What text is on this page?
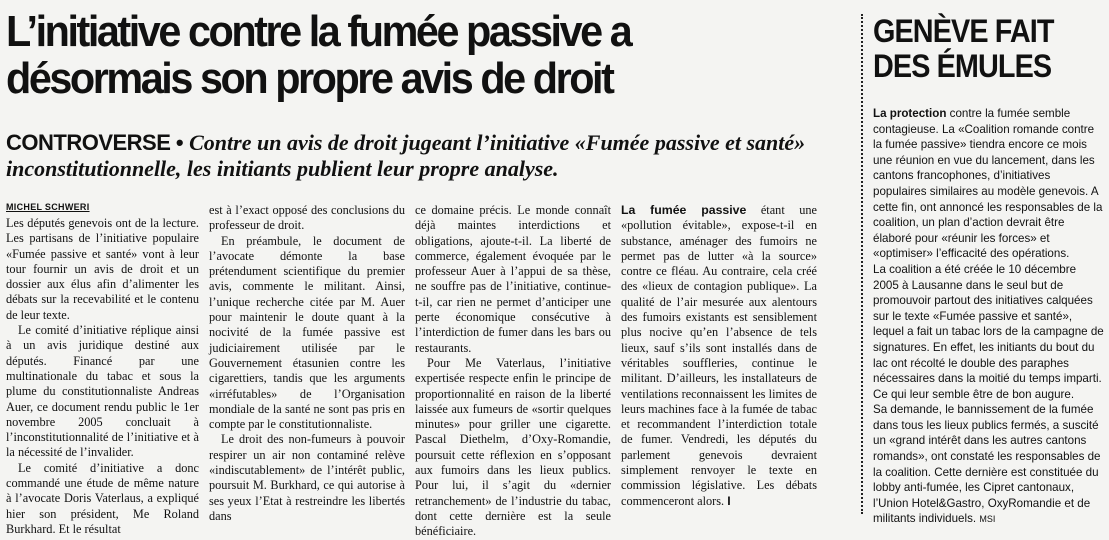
L’initiative contre la fumée passive a désormais son propre avis de droit

CONTROVERSE • Contre un avis de droit jugeant l’initiative «Fumée passive et santé» inconstitutionnelle, les initiants publient leur propre analyse.

MICHEL SCHWERI

Les députés genevois ont de la lecture. Les partisans de l’initiative populaire «Fumée passive et santé» vont à leur tour fournir un avis de droit et un dossier aux élus afin d’alimenter les débats sur la recevabilité et le contenu de leur texte.

Le comité d’initiative réplique ainsi à un avis juridique destiné aux députés. Financé par une multinationale du tabac et sous la plume du constitutionnaliste Andreas Auer, ce document rendu public le 1er novembre 2005 concluait à l’inconstitutionnalité de l’initiative et à la nécessité de l’invalider.

Le comité d’initiative a donc commandé une étude de même nature à l’avocate Doris Vaterlaus, a expliqué hier son président, Me Roland Burkhard. Et le résultat

est à l’exact opposé des conclusions du professeur de droit.

En préambule, le document de l’avocate démonte la base prétendument scientifique du premier avis, commente le militant. Ainsi, l’unique recherche citée par M. Auer pour maintenir le doute quant à la nocivité de la fumée passive est judiciairement utilisée par le Gouvernement étasunien contre les cigarettiers, tandis que les arguments «irréfutables» de l’Organisation mondiale de la santé ne sont pas pris en compte par le constitutionnaliste.

Le droit des non-fumeurs à pouvoir respirer un air non contaminé relève «indiscutablement» de l’intérêt public, poursuit M. Burkhard, ce qui autorise à ses yeux l’Etat à restreindre les libertés dans

ce domaine précis. Le monde connaît déjà maintes interdictions et obligations, ajoute-t-il. La liberté de commerce, également évoquée par le professeur Auer à l’appui de sa thèse, ne souffre pas de l’initiative, continue-t-il, car rien ne permet d’anticiper une perte économique consécutive à l’interdiction de fumer dans les bars ou restaurants.

Pour Me Vaterlaus, l’initiative expertisée respecte enfin le principe de proportionnalité en raison de la liberté laissée aux fumeurs de «sortir quelques minutes» pour griller une cigarette. Pascal Diethelm, d’Oxy-Romandie, poursuit cette réflexion en s’opposant aux fumoirs dans les lieux publics. Pour lui, il s’agit du «dernier retranchement» de l’industrie du tabac, dont cette dernière est la seule bénéficiaire.

La fumée passive étant une «pollution évitable», expose-t-il en substance, aménager des fumoirs ne permet pas de lutter «à la source» contre ce fléau. Au contraire, cela créé des «lieux de contagion publique». La qualité de l’air mesurée aux alentours des fumoirs existants est sensiblement plus nocive qu’en l’absence de tels lieux, sauf s’ils sont installés dans de véritables souffleries, continue le militant. D’ailleurs, les installateurs de ventilations reconnaissent les limites de leurs machines face à la fumée de tabac et recommandent l’interdiction totale de fumer. Vendredi, les députés du parlement genevois devraient simplement renvoyer le texte en commission législative. Les débats commenceront alors. I

GENÈVE FAIT DES ÉMULES

La protection contre la fumée semble contagieuse. La «Coalition romande contre la fumée passive» tiendra encore ce mois une réunion en vue du lancement, dans les cantons francophones, d’initiatives populaires similaires au modèle genevois. A cette fin, ont annoncé les responsables de la coalition, un plan d’action devrait être élaboré pour «réunir les forces» et «optimiser» l’efficacité des opérations.

La coalition a été créée le 10 décembre 2005 à Lausanne dans le seul but de promouvoir partout des initiatives calquées sur le texte «Fumée passive et santé», lequel a fait un tabac lors de la campagne de signatures. En effet, les initiants du bout du lac ont récolté le double des paraphes nécessaires dans la moitié du temps imparti. Ce qui leur semble être de bon augure.

Sa demande, le bannissement de la fumée dans tous les lieux publics fermés, a suscité un «grand intérêt dans les autres cantons romands», ont constaté les responsables de la coalition. Cette dernière est constituée du lobby anti-fumée, les Cipret cantonaux, l’Union Hotel&Gastro, OxyRomandie et de militants individuels. MSI
